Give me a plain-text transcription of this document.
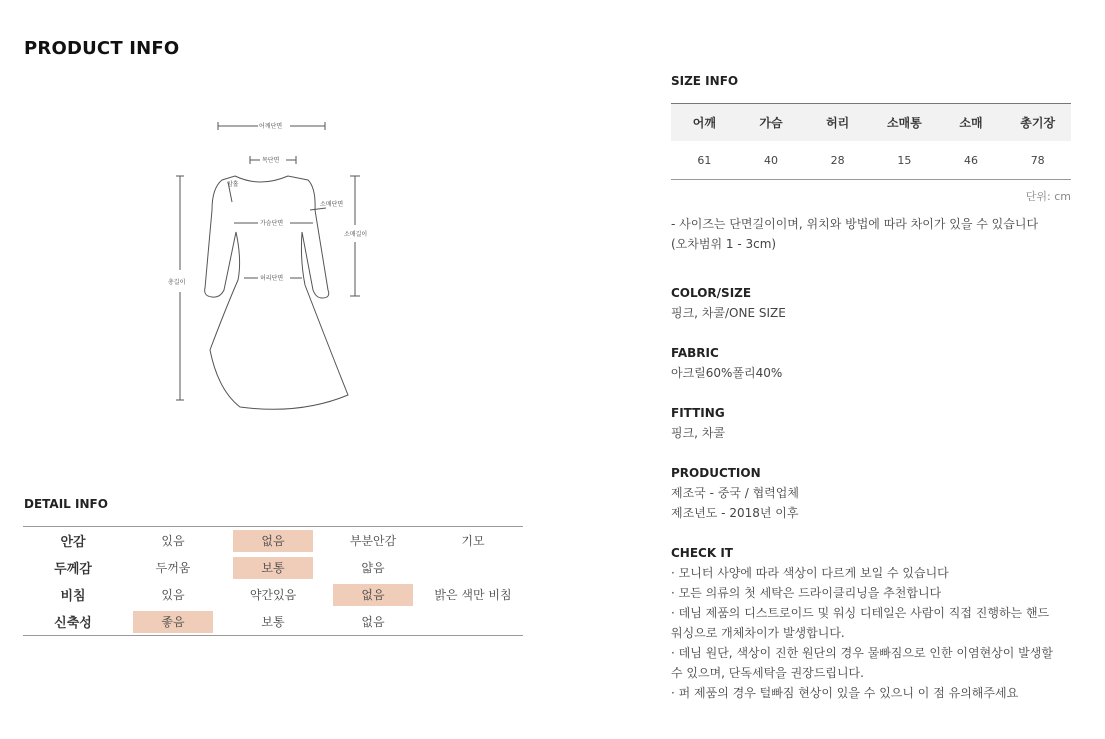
PRODUCT INFO
어깨단면
목단면
암홀
소매단면
가슴단면
소매길이
총길이
허리단면
DETAIL INFO
안감	있음	없음	부분안감	기모
두께감	두꺼움	보통	얇음
비침	있음	약간있음	없음	밝은 색만 비침
신축성	좋음	보통	없음
SIZE INFO
어깨	가슴	허리	소매통	소매	총기장
61	40	28	15	46	78
단위: cm
- 사이즈는 단면길이이며, 위치와 방법에 따라 차이가 있을 수 있습니다
(오차범위 1 - 3cm)
COLOR/SIZE
핑크, 차콜/ONE SIZE
FABRIC
아크릴60%폴리40%
FITTING
핑크, 차콜
PRODUCTION
제조국 - 중국 / 협력업체
제조년도 - 2018년 이후
CHECK IT
· 모니터 사양에 따라 색상이 다르게 보일 수 있습니다
· 모든 의류의 첫 세탁은 드라이클리닝을 추천합니다
· 데님 제품의 디스트로이드 및 워싱 디테일은 사람이 직접 진행하는 핸드
워싱으로 개체차이가 발생합니다.
· 데님 원단, 색상이 진한 원단의 경우 물빠짐으로 인한 이염현상이 발생할
수 있으며, 단독세탁을 권장드립니다.
· 퍼 제품의 경우 털빠짐 현상이 있을 수 있으니 이 점 유의해주세요
